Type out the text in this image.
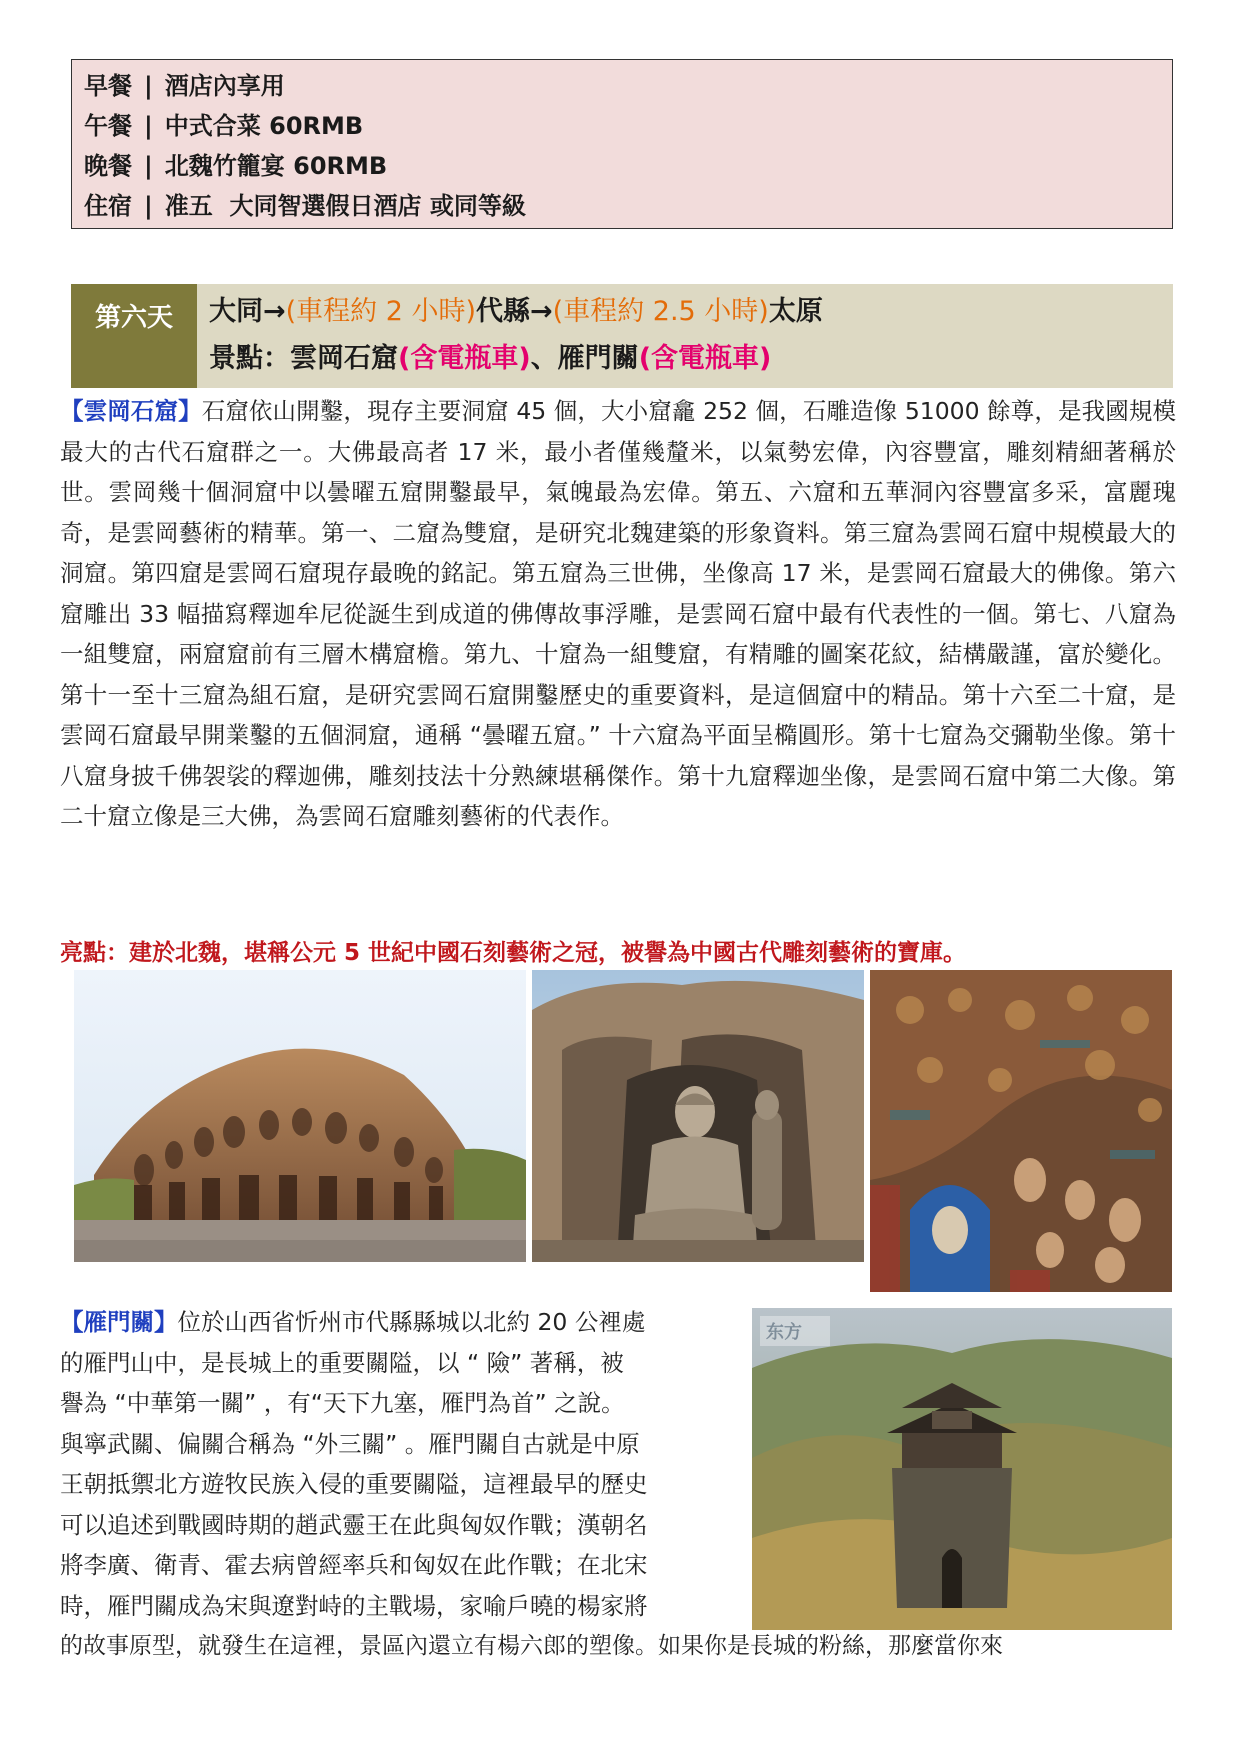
早餐 | 酒店內享用
午餐 | 中式合菜 60RMB
晚餐 | 北魏竹籠宴 60RMB
住宿 | 准五  大同智選假日酒店 或同等級
第六天	大同→(車程約 2 小時)代縣→(車程約 2.5 小時)太原
景點：雲岡石窟(含電瓶車)、雁門關(含電瓶車)

【雲岡石窟】石窟依山開鑿，現存主要洞窟 45 個，大小窟龕 252 個，石雕造像 51000 餘尊，是我國規模最大的古代石窟群之一。大佛最高者 17 米，最小者僅幾釐米，以氣勢宏偉，內容豐富，雕刻精細著稱於世。雲岡幾十個洞窟中以曇曜五窟開鑿最早，氣魄最為宏偉。第五、六窟和五華洞內容豐富多采，富麗瑰奇，是雲岡藝術的精華。第一、二窟為雙窟，是研究北魏建築的形象資料。第三窟為雲岡石窟中規模最大的洞窟。第四窟是雲岡石窟現存最晚的銘記。第五窟為三世佛，坐像高 17 米，是雲岡石窟最大的佛像。第六窟雕出 33 幅描寫釋迦牟尼從誕生到成道的佛傳故事浮雕，是雲岡石窟中最有代表性的一個。第七、八窟為一組雙窟，兩窟窟前有三層木構窟檐。第九、十窟為一組雙窟，有精雕的圖案花紋，結構嚴謹，富於變化。第十一至十三窟為組石窟，是研究雲岡石窟開鑿歷史的重要資料，是這個窟中的精品。第十六至二十窟，是雲岡石窟最早開業鑿的五個洞窟，通稱 “曇曜五窟。” 十六窟為平面呈橢圓形。第十七窟為交彌勒坐像。第十八窟身披千佛袈裟的釋迦佛，雕刻技法十分熟練堪稱傑作。第十九窟釋迦坐像，是雲岡石窟中第二大像。第二十窟立像是三大佛，為雲岡石窟雕刻藝術的代表作。

亮點：建於北魏，堪稱公元 5 世紀中國石刻藝術之冠，被譽為中國古代雕刻藝術的寶庫。
【雁門關】位於山西省忻州市代縣縣城以北約 20 公裡處
的雁門山中，是長城上的重要關隘，以 “ 險” 著稱，被
譽為 “中華第一關” ，有“天下九塞，雁門為首” 之說。
與寧武關、偏關合稱為 “外三關” 。雁門關自古就是中原
王朝抵禦北方遊牧民族入侵的重要關隘，這裡最早的歷史
可以追述到戰國時期的趙武靈王在此與匈奴作戰；漢朝名
將李廣、衛青、霍去病曾經率兵和匈奴在此作戰；在北宋
時，雁門關成為宋與遼對峙的主戰場，家喻戶曉的楊家將
的故事原型，就發生在這裡，景區內還立有楊六郎的塑像。如果你是長城的粉絲，那麼當你來
东方
